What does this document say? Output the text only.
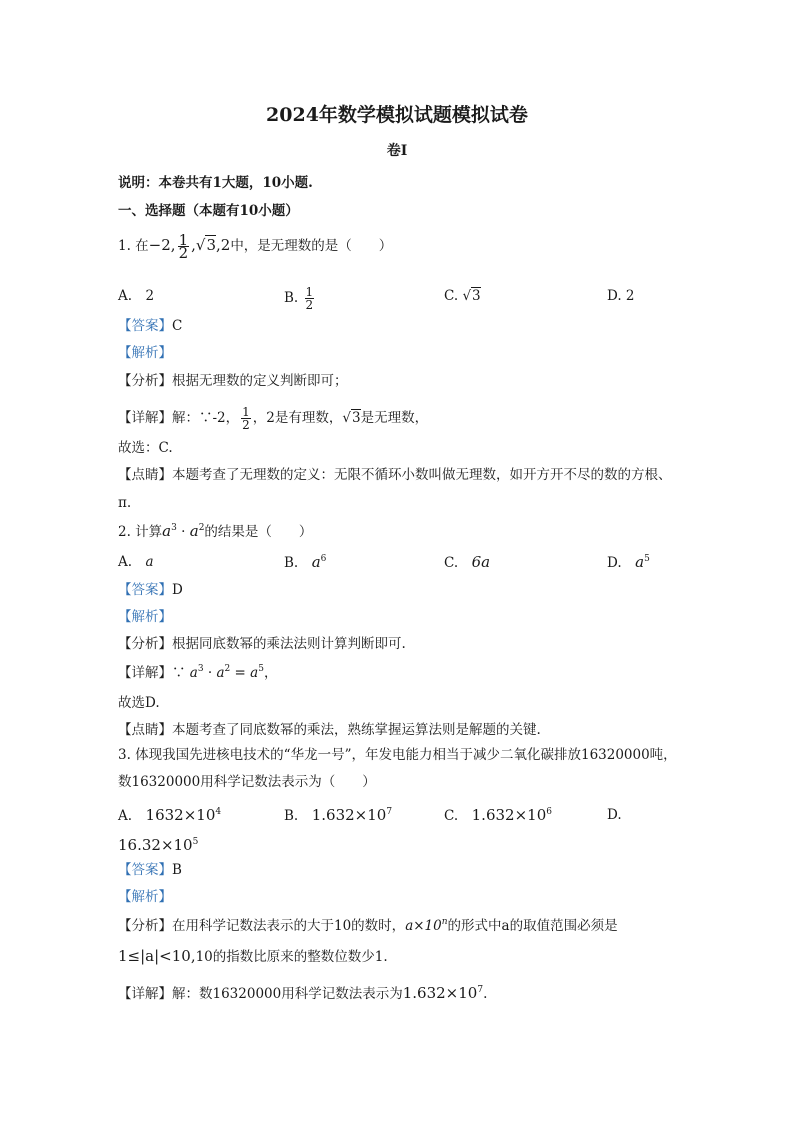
2024年数学模拟试题模拟试卷
卷Ⅰ
说明：本卷共有1大题，10小题.
一、选择题（本题有10小题）
1. 在−2, $\frac{1}{2} ,√3,2$中，是无理数的是（　　）
A.　2	B. $\frac{1}{2}$	C. √3	D. 2
【答案】C
【解析】
【分析】根据无理数的定义判断即可；
【详解】解：∵-2， $\frac{1}{2}$ ，2是有理数，√3是无理数，
故选：C.
【点睛】本题考查了无理数的定义：无限不循环小数叫做无理数，如开方开不尽的数的方根、
π.
2. 计算$a^3 \cdot a^2$的结果是（　　）
A.　 a	B.　 $a^6$	C.　 6a	D.　 $a^5$
【答案】D
【解析】
【分析】根据同底数幂的乘法法则计算判断即可.
【详解】∵ $a^3 \cdot a^2 = a^5$，
故选D.
【点睛】本题考查了同底数幂的乘法，熟练掌握运算法则是解题的关键.
3. 体现我国先进核电技术的“华龙一号”，年发电能力相当于减少二氧化碳排放16320000吨，
数16320000用科学记数法表示为（　　）
A.　 $1632\times 10^4$	B.　 $1.632\times 10^7$	C.　 $1.632\times 10^6$	D.
$16.32\times 10^5$
【答案】B
【解析】
【分析】在用科学记数法表示的大于10的数时，$a\times 10^n$的形式中a的取值范围必须是
1≤|a|<10,10的指数比原来的整数位数少1.
【详解】解：数16320000用科学记数法表示为$1.632\times 10^7$.
